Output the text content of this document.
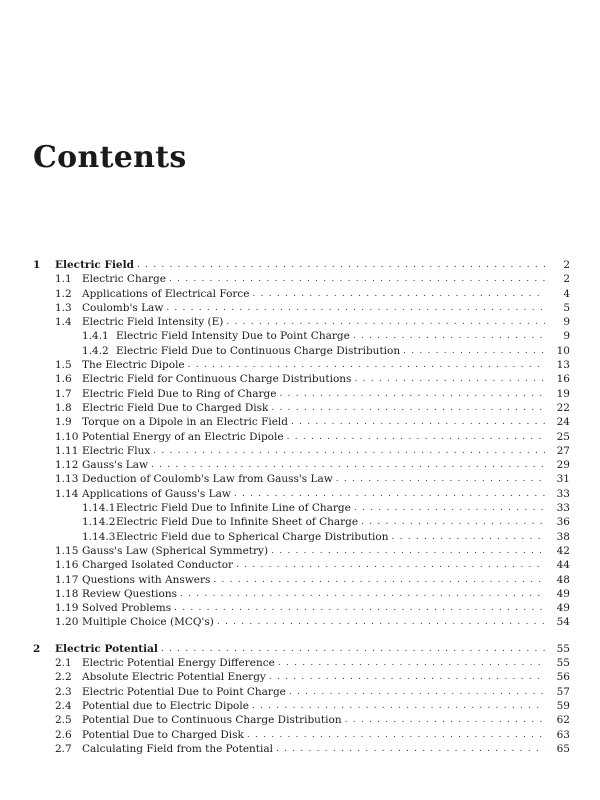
Contents
1	Electric Field . . .	2
1.1 Electric Charge . . .	2
1.2 Applications of Electrical Force . . .	4
1.3 Coulomb's Law . . .	5
1.4 Electric Field Intensity (E) . . .	9
1.4.1 Electric Field Intensity Due to Point Charge . . .	9
1.4.2 Electric Field Due to Continuous Charge Distribution . . .	10
1.5 The Electric Dipole . . .	13
1.6 Electric Field for Continuous Charge Distributions . . .	16
1.7 Electric Field Due to Ring of Charge . . .	19
1.8 Electric Field Due to Charged Disk . . .	22
1.9 Torque on a Dipole in an Electric Field . . .	24
1.10 Potential Energy of an Electric Dipole . . .	25
1.11 Electric Flux . . .	27
1.12 Gauss's Law . . .	29
1.13 Deduction of Coulomb's Law from Gauss's Law . . .	31
1.14 Applications of Gauss's Law . . .	33
1.14.1 Electric Field Due to Infinite Line of Charge . . .	33
1.14.2 Electric Field Due to Infinite Sheet of Charge . . .	36
1.14.3 Electric Field due to Spherical Charge Distribution . . .	38
1.15 Gauss's Law (Spherical Symmetry) . . .	42
1.16 Charged Isolated Conductor . . .	44
1.17 Questions with Answers . . .	48
1.18 Review Questions . . .	49
1.19 Solved Problems . . .	49
1.20 Multiple Choice (MCQ's) . . .	54
2	Electric Potential . . .	55
2.1 Electric Potential Energy Difference . . .	55
2.2 Absolute Electric Potential Energy . . .	56
2.3 Electric Potential Due to Point Charge . . .	57
2.4 Potential due to Electric Dipole . . .	59
2.5 Potential Due to Continuous Charge Distribution . . .	62
2.6 Potential Due to Charged Disk . . .	63
2.7 Calculating Field from the Potential . . .	65
